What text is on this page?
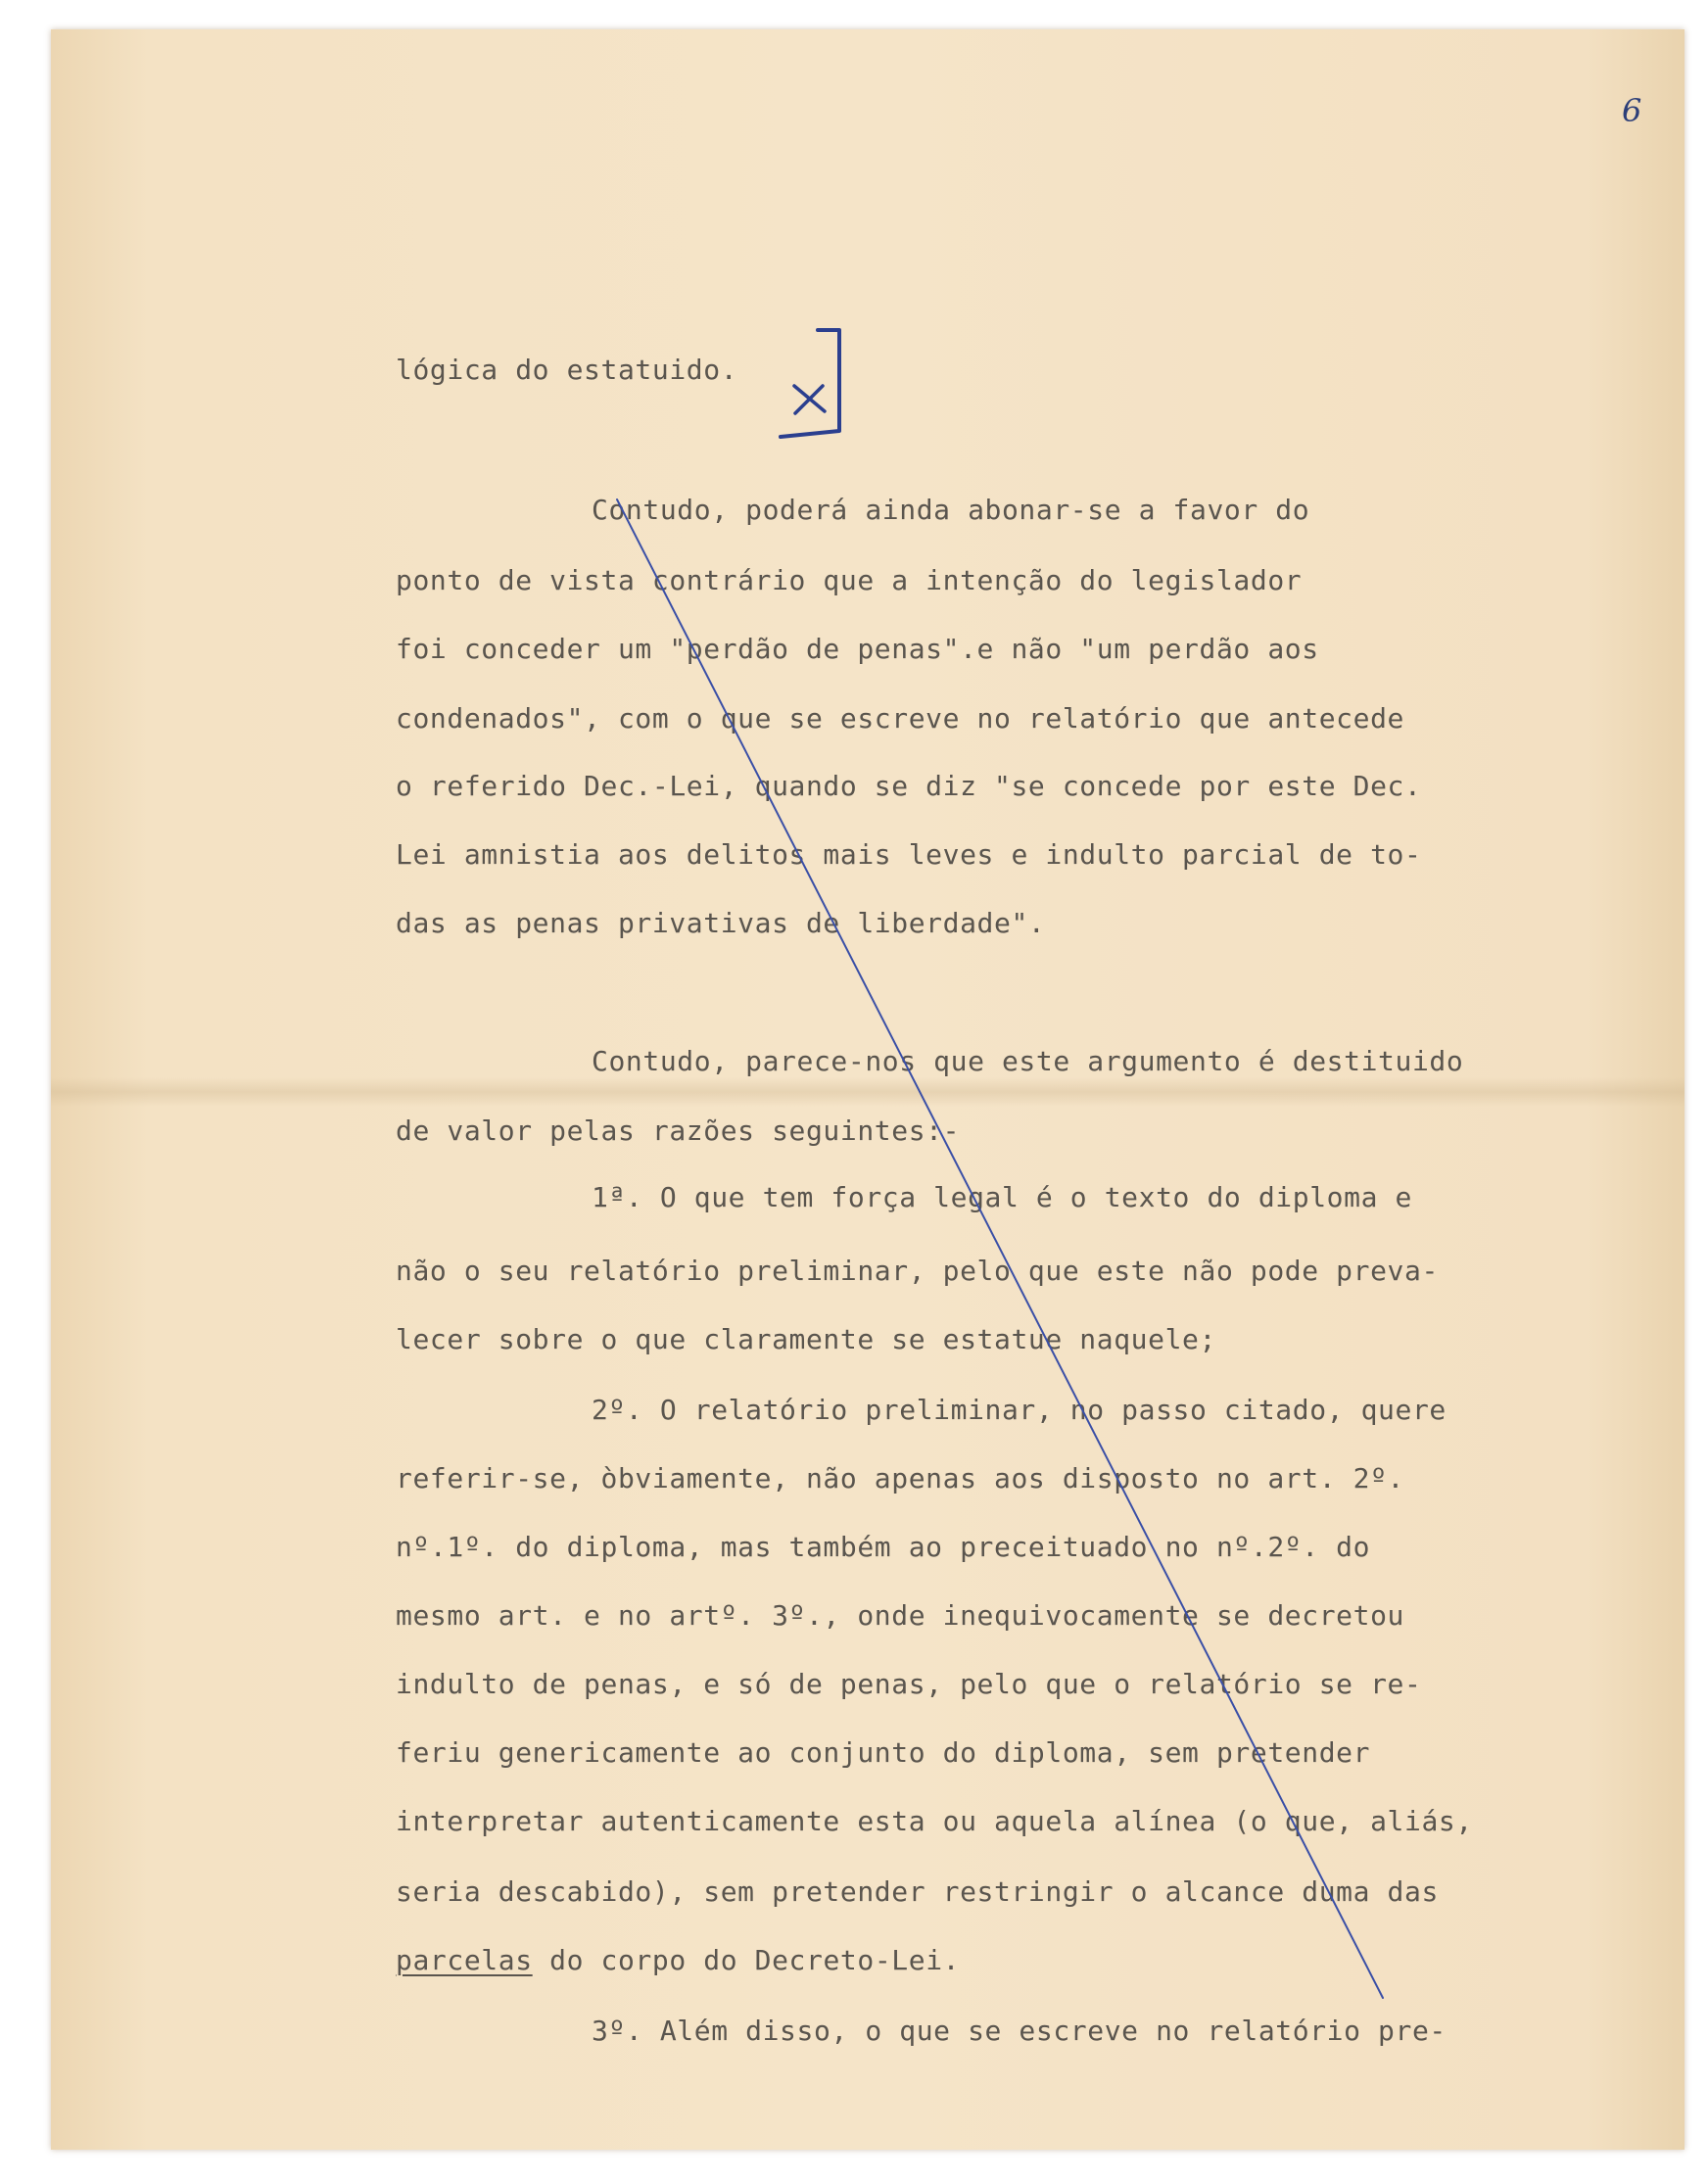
6
lógica do estatuido.
Contudo, poderá ainda abonar-se a favor do
ponto de vista contrário que a intenção do legislador
foi conceder um "perdão de penas".e não "um perdão aos
condenados", com o que se escreve no relatório que antecede
o referido Dec.-Lei, quando se diz "se concede por este Dec.
Lei amnistia aos delitos mais leves e indulto parcial de to-
das as penas privativas de liberdade".
Contudo, parece-nos que este argumento é destituido
de valor pelas razões seguintes:-
1ª. O que tem força legal é o texto do diploma e
não o seu relatório preliminar, pelo que este não pode preva-
lecer sobre o que claramente se estatue naquele;
2º. O relatório preliminar, no passo citado, quere
referir-se, òbviamente, não apenas aos disposto no art. 2º.
nº.1º. do diploma, mas também ao preceituado no nº.2º. do
mesmo art. e no artº. 3º., onde inequivocamente se decretou
indulto de penas, e só de penas, pelo que o relatório se re-
feriu genericamente ao conjunto do diploma, sem pretender
interpretar autenticamente esta ou aquela alínea (o que, aliás,
seria descabido), sem pretender restringir o alcance duma das
parcelas do corpo do Decreto-Lei.
3º. Além disso, o que se escreve no relatório pre-
